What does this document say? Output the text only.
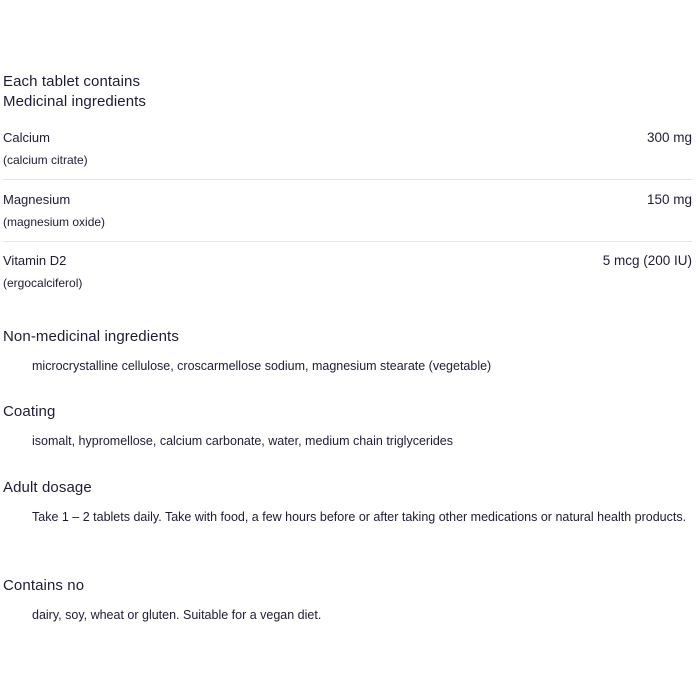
Each tablet contains
Medicinal ingredients
Calcium
(calcium citrate)
300 mg
Magnesium
(magnesium oxide)
150 mg
Vitamin D2
(ergocalciferol)
5 mcg (200 IU)
Non-medicinal ingredients
microcrystalline cellulose, croscarmellose sodium, magnesium stearate (vegetable)
Coating
isomalt, hypromellose, calcium carbonate, water, medium chain triglycerides
Adult dosage
Take 1 – 2 tablets daily. Take with food, a few hours before or after taking other medications or natural health products.
Contains no
dairy, soy, wheat or gluten. Suitable for a vegan diet.
